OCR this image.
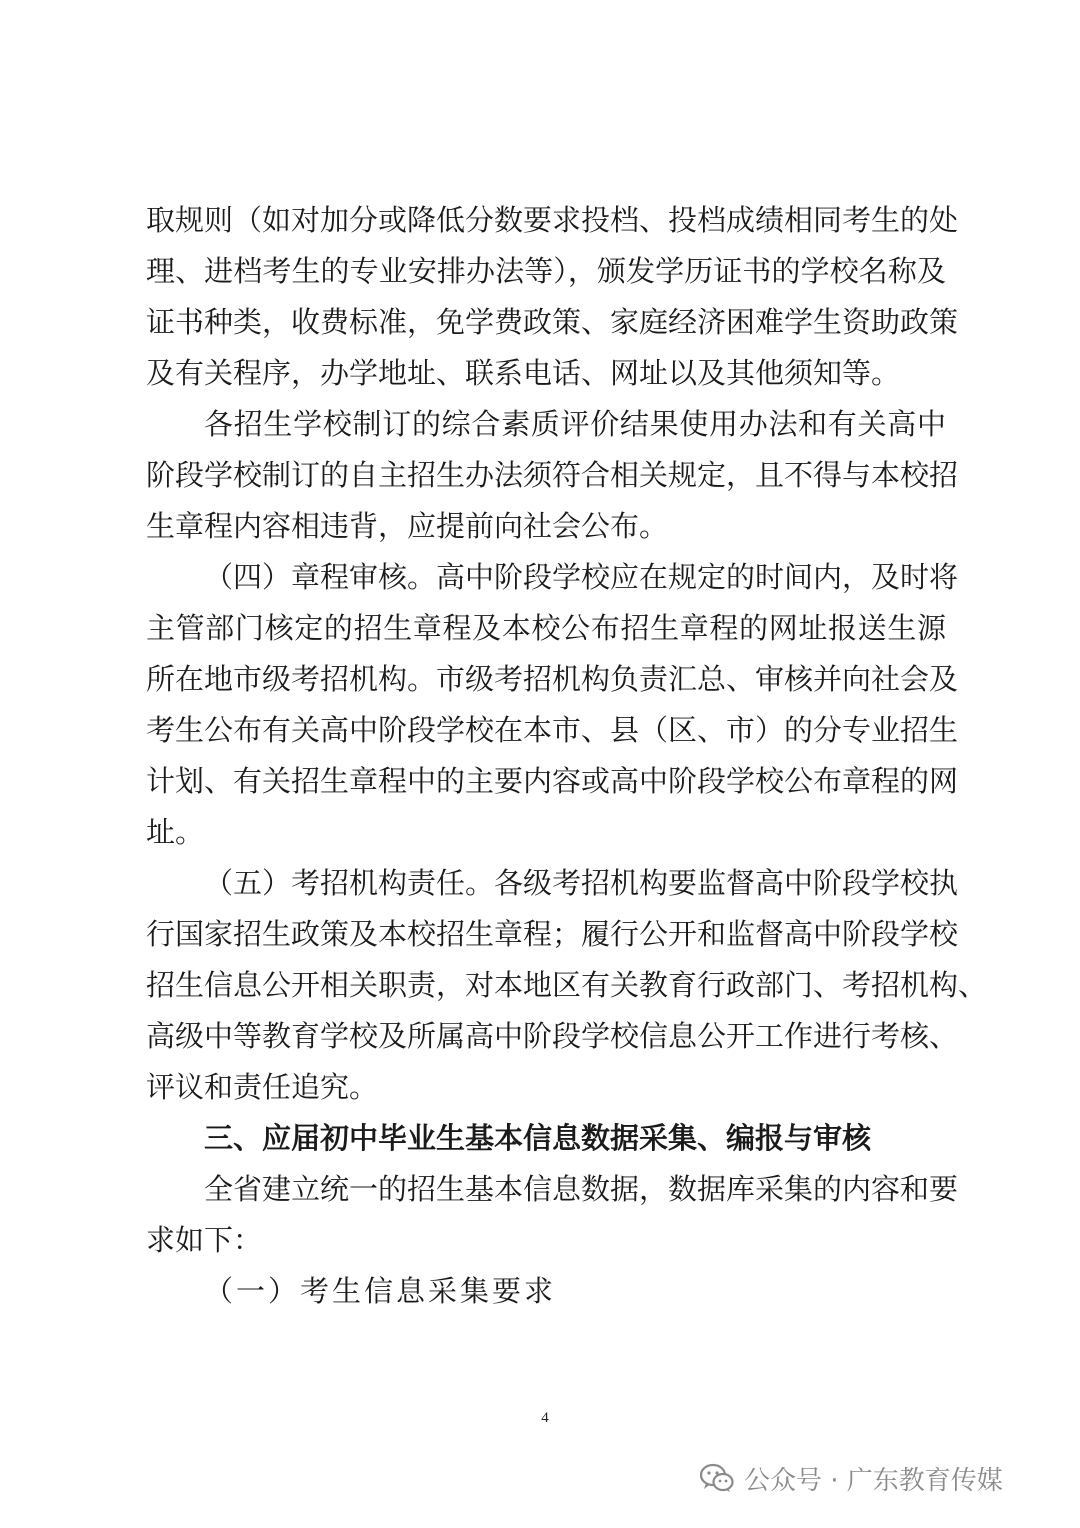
取规则（如对加分或降低分数要求投档、投档成绩相同考生的处
理、进档考生的专业安排办法等），颁发学历证书的学校名称及
证书种类，收费标准，免学费政策、家庭经济困难学生资助政策
及有关程序，办学地址、联系电话、网址以及其他须知等。
各招生学校制订的综合素质评价结果使用办法和有关高中
阶段学校制订的自主招生办法须符合相关规定，且不得与本校招
生章程内容相违背，应提前向社会公布。
（四）章程审核。高中阶段学校应在规定的时间内，及时将
主管部门核定的招生章程及本校公布招生章程的网址报送生源
所在地市级考招机构。市级考招机构负责汇总、审核并向社会及
考生公布有关高中阶段学校在本市、县（区、市）的分专业招生
计划、有关招生章程中的主要内容或高中阶段学校公布章程的网
址。
（五）考招机构责任。各级考招机构要监督高中阶段学校执
行国家招生政策及本校招生章程；履行公开和监督高中阶段学校
招生信息公开相关职责，对本地区有关教育行政部门、考招机构、
高级中等教育学校及所属高中阶段学校信息公开工作进行考核、
评议和责任追究。
三、应届初中毕业生基本信息数据采集、编报与审核
全省建立统一的招生基本信息数据，数据库采集的内容和要
求如下：
（一）考生信息采集要求
4
公众号 · 广东教育传媒
